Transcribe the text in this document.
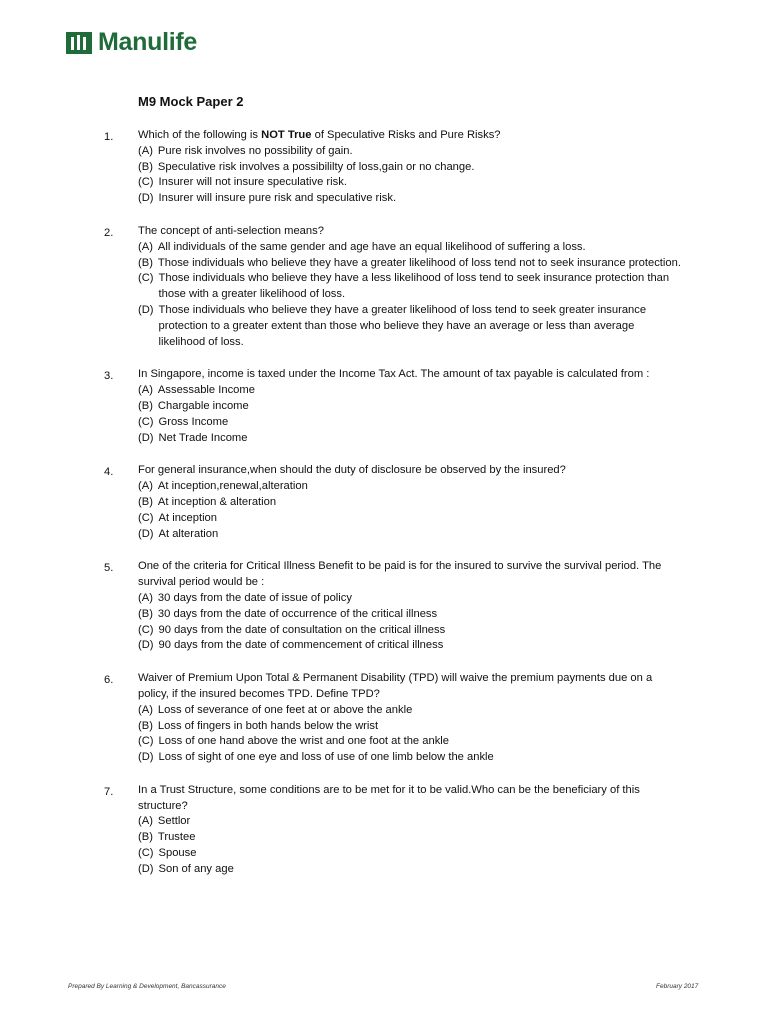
Manulife
M9 Mock Paper 2
1. Which of the following is NOT True of Speculative Risks and Pure Risks?
(A) Pure risk involves no possibility of gain.
(B) Speculative risk involves a possibililty of loss,gain or no change.
(C) Insurer will not insure speculative risk.
(D) Insurer will insure pure risk and speculative risk.
2. The concept of anti-selection means?
(A) All individuals of the same gender and age have an equal likelihood of suffering a loss.
(B) Those individuals who believe they have a greater likelihood of loss tend not to seek insurance protection.
(C) Those individuals who believe they have a less likelihood of loss tend to seek insurance protection than those with a greater likelihood of loss.
(D) Those individuals who believe they have a greater likelihood of loss tend to seek greater insurance protection to a greater extent than those who believe they have an average or less than average likelihood of loss.
3. In Singapore, income is taxed under the Income Tax Act. The amount of tax payable is calculated from :
(A) Assessable Income
(B) Chargable income
(C) Gross Income
(D) Net Trade Income
4. For general insurance,when should the duty of disclosure be observed by the insured?
(A) At inception,renewal,alteration
(B) At inception & alteration
(C) At inception
(D) At alteration
5. One of the criteria for Critical Illness Benefit to be paid is for the insured to survive the survival period. The survival period would be :
(A) 30 days from the date of issue of policy
(B) 30 days from the date of occurrence of the critical illness
(C) 90 days from the date of consultation on the critical illness
(D) 90 days from the date of commencement of critical illness
6. Waiver of Premium Upon Total & Permanent Disability (TPD) will waive the premium payments due on a policy, if the insured becomes TPD. Define TPD?
(A) Loss of severance of one feet at or above the ankle
(B) Loss of fingers in both hands below the wrist
(C) Loss of one hand above the wrist and one foot at the ankle
(D) Loss of sight of one eye and loss of use of one limb below the ankle
7. In a Trust Structure, some conditions are to be met for it to be valid.Who can be the beneficiary of this structure?
(A) Settlor
(B) Trustee
(C) Spouse
(D) Son of any age
Prepared By Learning & Development, Bancassurance	February 2017
